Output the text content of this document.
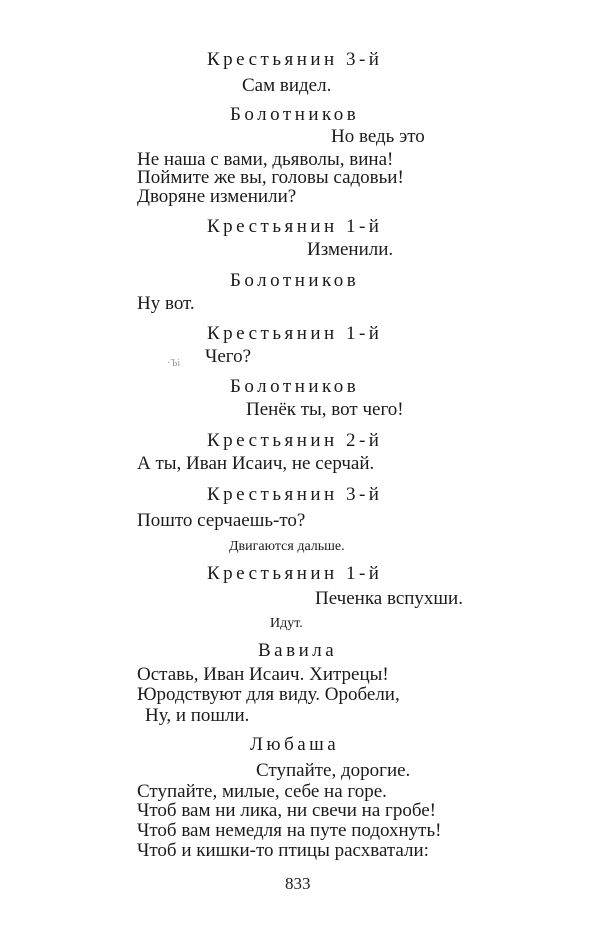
Крестьянин 3-й
Сам видел.
Болотников
Но ведь это
Не наша с вами, дьяволы, вина!
Поймите же вы, головы садовьи!
Дворяне изменили?
Крестьянин 1-й
Изменили.
Болотников
Ну вот.
Крестьянин 1-й
·Ъi Чего?
Болотников
Пенёк ты, вот чего!
Крестьянин 2-й
А ты, Иван Исаич, не серчай.
Крестьянин 3-й
Пошто серчаешь-то?
Двигаются дальше.
Крестьянин 1-й
Печенка вспухши.
Идут.
Вавила
Оставь, Иван Исаич. Хитрецы!
Юродствуют для виду. Оробели,
Ну, и пошли.
Любаша
Ступайте, дорогие.
Ступайте, милые, себе на горе.
Чтоб вам ни лика, ни свечи на гробе!
Чтоб вам немедля на путе подохнуть!
Чтоб и кишки-то птицы расхватали:
833
